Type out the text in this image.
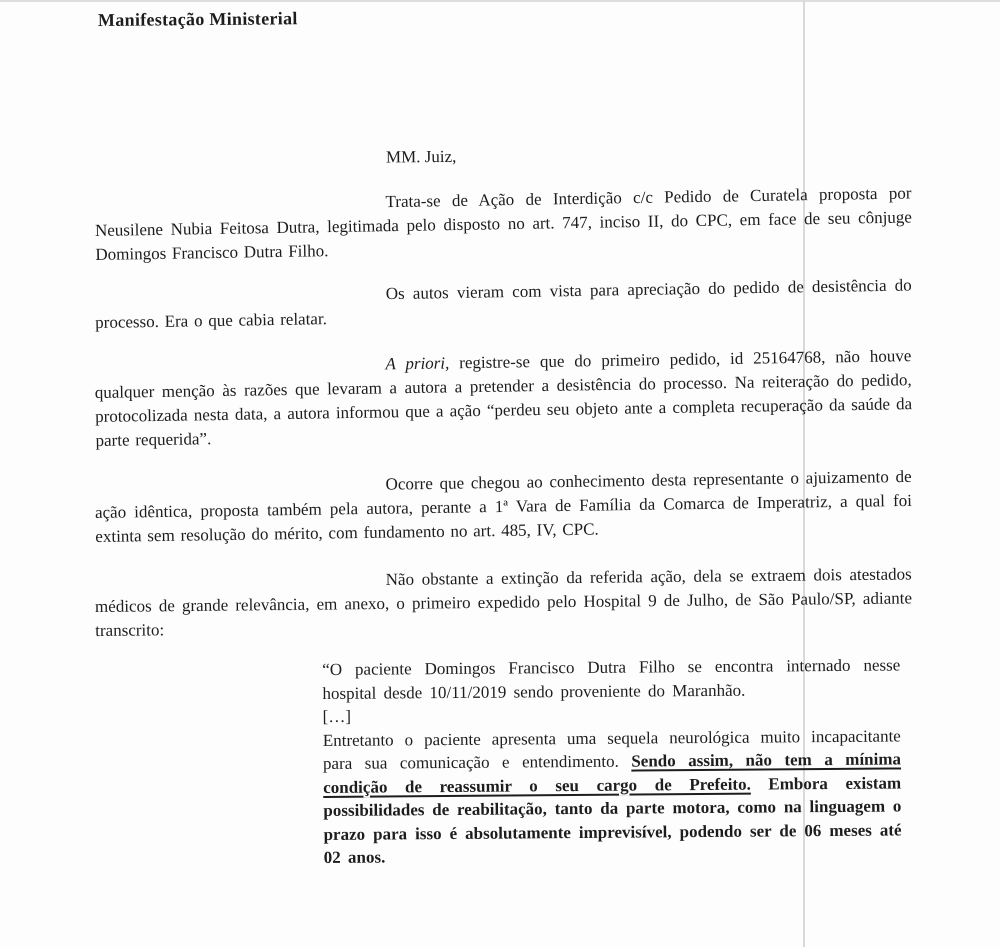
Manifestação Ministerial

MM. Juiz,

Trata-se de Ação de Interdição c/c Pedido de Curatela proposta por Neusilene Nubia Feitosa Dutra, legitimada pelo disposto no art. 747, inciso II, do CPC, em face de seu cônjuge Domingos Francisco Dutra Filho.

Os autos vieram com vista para apreciação do pedido de desistência do processo. Era o que cabia relatar.

A priori, registre-se que do primeiro pedido, id 25164768, não houve qualquer menção às razões que levaram a autora a pretender a desistência do processo. Na reiteração do pedido, protocolizada nesta data, a autora informou que a ação “perdeu seu objeto ante a completa recuperação da saúde da parte requerida”.

Ocorre que chegou ao conhecimento desta representante o ajuizamento de ação idêntica, proposta também pela autora, perante a 1ª Vara de Família da Comarca de Imperatriz, a qual foi extinta sem resolução do mérito, com fundamento no art. 485, IV, CPC.

Não obstante a extinção da referida ação, dela se extraem dois atestados médicos de grande relevância, em anexo, o primeiro expedido pelo Hospital 9 de Julho, de São Paulo/SP, adiante transcrito:

“O paciente Domingos Francisco Dutra Filho se encontra internado nesse hospital desde 10/11/2019 sendo proveniente do Maranhão.
[…]
Entretanto o paciente apresenta uma sequela neurológica muito incapacitante para sua comunicação e entendimento. Sendo assim, não tem a mínima condição de reassumir o seu cargo de Prefeito. Embora existam possibilidades de reabilitação, tanto da parte motora, como na linguagem o prazo para isso é absolutamente imprevisível, podendo ser de 06 meses até 02 anos.
